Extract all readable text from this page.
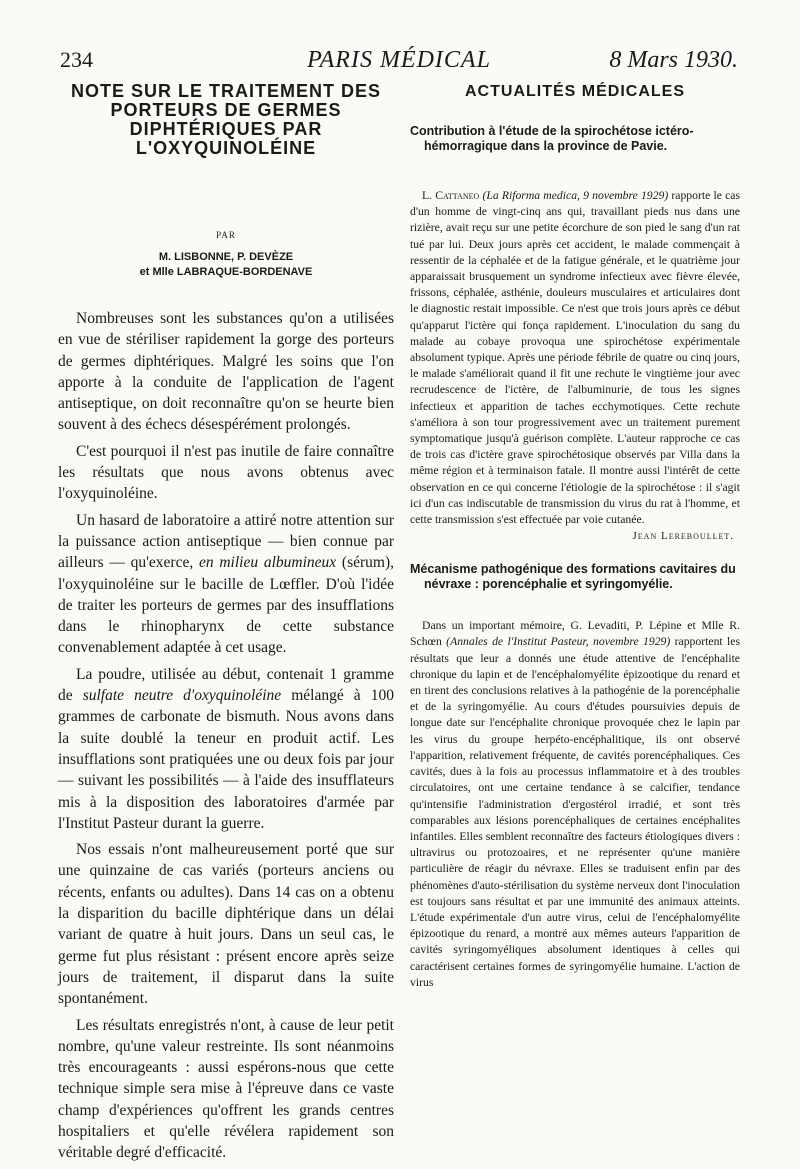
234	PARIS MÉDICAL	8 Mars 1930.
NOTE SUR LE TRAITEMENT DES PORTEURS DE GERMES DIPHTÉRIQUES PAR L'OXYQUINOLÉINE
PAR
M. LISBONNE, P. DEVÈZE
et Mlle LABRAQUE-BORDENAVE

Nombreuses sont les substances qu'on a utilisées en vue de stériliser rapidement la gorge des porteurs de germes diphtériques. Malgré les soins que l'on apporte à la conduite de l'application de l'agent antiseptique, on doit reconnaître qu'on se heurte bien souvent à des échecs désespérément prolongés.

C'est pourquoi il n'est pas inutile de faire connaître les résultats que nous avons obtenus avec l'oxyquinoléine.

Un hasard de laboratoire a attiré notre attention sur la puissance action antiseptique — bien connue par ailleurs — qu'exerce, en milieu albumineux (sérum), l'oxyquinoléine sur le bacille de Lœffler. D'où l'idée de traiter les porteurs de germes par des insufflations dans le rhinopharynx de cette substance convenablement adaptée à cet usage.

La poudre, utilisée au début, contenait 1 gramme de sulfate neutre d'oxyquinoléine mélangé à 100 grammes de carbonate de bismuth. Nous avons dans la suite doublé la teneur en produit actif. Les insufflations sont pratiquées une ou deux fois par jour — suivant les possibilités — à l'aide des insufflateurs mis à la disposition des laboratoires d'armée par l'Institut Pasteur durant la guerre.

Nos essais n'ont malheureusement porté que sur une quinzaine de cas variés (porteurs anciens ou récents, enfants ou adultes). Dans 14 cas on a obtenu la disparition du bacille diphtérique dans un délai variant de quatre à huit jours. Dans un seul cas, le germe fut plus résistant : présent encore après seize jours de traitement, il disparut dans la suite spontanément.

Les résultats enregistrés n'ont, à cause de leur petit nombre, qu'une valeur restreinte. Ils sont néanmoins très encourageants : aussi espérons-nous que cette technique simple sera mise à l'épreuve dans ce vaste champ d'expériences qu'offrent les grands centres hospitaliers et qu'elle révélera rapidement son véritable degré d'efficacité.

ACTUALITÉS MÉDICALES
Contribution à l'étude de la spirochétose ictéro-hémorragique dans la province de Pavie.

L. Cattaneo (La Riforma medica, 9 novembre 1929) rapporte le cas d'un homme de vingt-cinq ans qui, travaillant pieds nus dans une rizière, avait reçu sur une petite écorchure de son pied le sang d'un rat tué par lui. Deux jours après cet accident, le malade commençait à ressentir de la céphalée et de la fatigue générale, et le quatrième jour apparaissait brusquement un syndrome infectieux avec fièvre élevée, frissons, céphalée, asthénie, douleurs musculaires et articulaires dont le diagnostic restait impossible. Ce n'est que trois jours après ce début qu'apparut l'ictère qui fonça rapidement. L'inoculation du sang du malade au cobaye provoqua une spirochétose expérimentale absolument typique. Après une période fébrile de quatre ou cinq jours, le malade s'améliorait quand il fit une rechute le vingtième jour avec recrudescence de l'ictère, de l'albuminurie, de tous les signes infectieux et apparition de taches ecchymotiques. Cette rechute s'améliora à son tour progressivement avec un traitement purement symptomatique jusqu'à guérison complète. L'auteur rapproche ce cas de trois cas d'ictère grave spirochétosique observés par Villa dans la même région et à terminaison fatale. Il montre aussi l'intérêt de cette observation en ce qui concerne l'étiologie de la spirochétose : il s'agit ici d'un cas indiscutable de transmission du virus du rat à l'homme, et cette transmission s'est effectuée par voie cutanée.

Jean Lereboullet.
Mécanisme pathogénique des formations cavitaires du névraxe : porencéphalie et syringomyélie.

Dans un important mémoire, G. Levaditi, P. Lépine et Mlle R. Schœn (Annales de l'Institut Pasteur, novembre 1929) rapportent les résultats que leur a donnés une étude attentive de l'encéphalite chronique du lapin et de l'encéphalomyélite épizootique du renard et en tirent des conclusions relatives à la pathogénie de la porencéphalie et de la syringomyélie. Au cours d'études poursuivies depuis de longue date sur l'encéphalite chronique provoquée chez le lapin par les virus du groupe herpéto-encéphalitique, ils ont observé l'apparition, relativement fréquente, de cavités porencéphaliques. Ces cavités, dues à la fois au processus inflammatoire et à des troubles circulatoires, ont une certaine tendance à se calcifier, tendance qu'intensifie l'administration d'ergostérol irradié, et sont très comparables aux lésions porencéphaliques de certaines encéphalites infantiles. Elles semblent reconnaître des facteurs étiologiques divers : ultravirus ou protozoaires, et ne représenter qu'une manière particulière de réagir du névraxe. Elles se traduisent enfin par des phénomènes d'auto-stérilisation du système nerveux dont l'inoculation est toujours sans résultat et par une immunité des animaux atteints. L'étude expérimentale d'un autre virus, celui de l'encéphalomyélite épizootique du renard, a montré aux mêmes auteurs l'apparition de cavités syringomyéliques absolument identiques à celles qui caractérisent certaines formes de syringomyélie humaine. L'action de virus
